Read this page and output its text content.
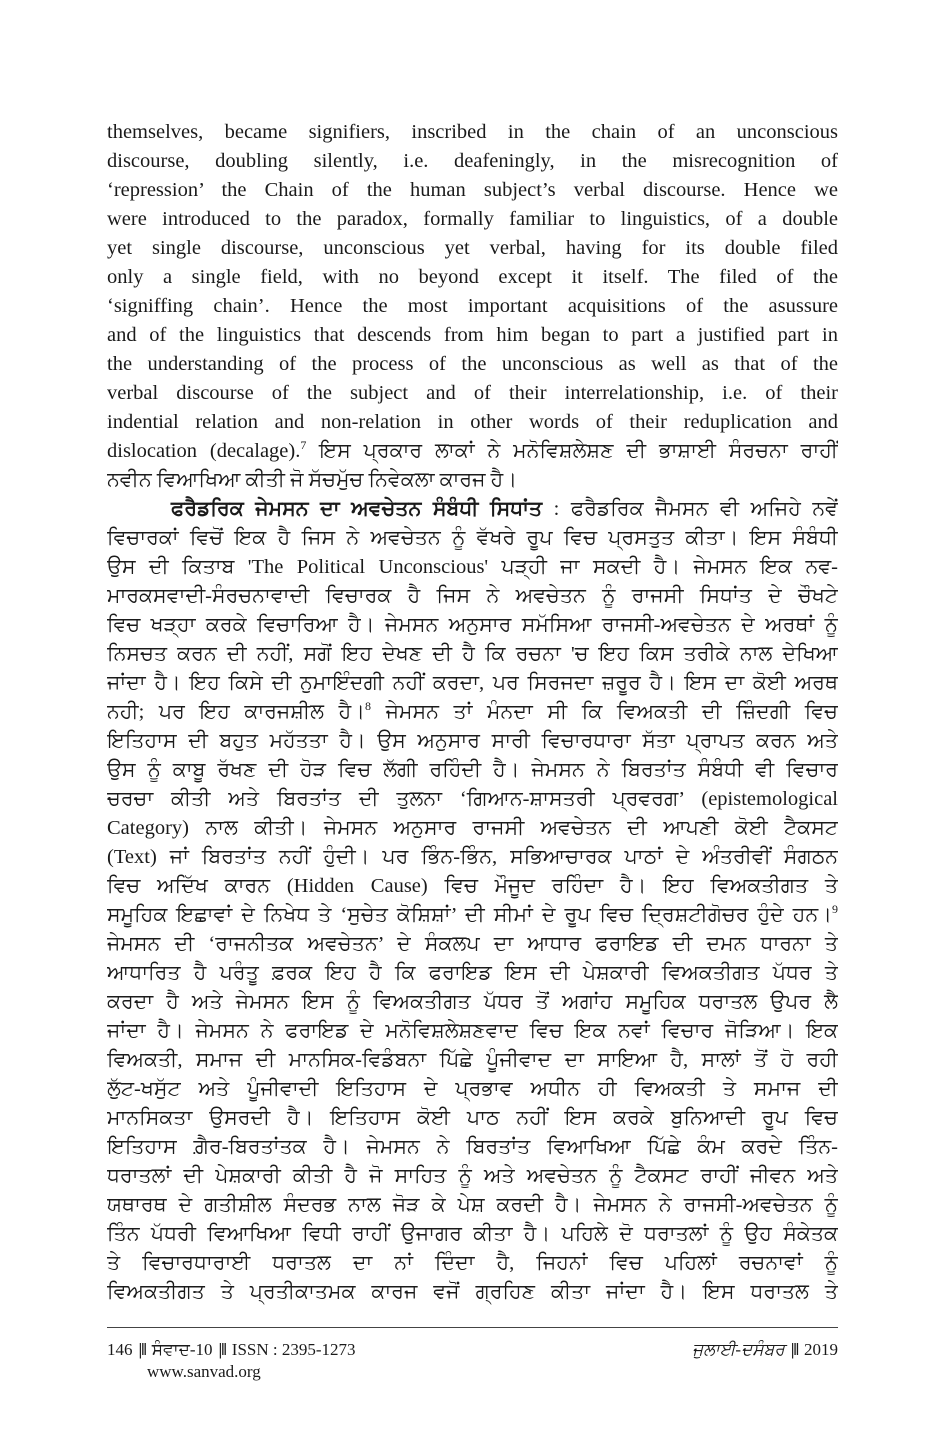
themselves, became signifiers, inscribed in the chain of an unconscious
discourse, doubling silently, i.e. deafeningly, in the misrecognition of
‘repression’ the Chain of the human subject’s verbal discourse. Hence we
were introduced to the paradox, formally familiar to linguistics, of a double
yet single discourse, unconscious yet verbal, having for its double filed
only a single field, with no beyond except it itself. The filed of the
‘signiffing chain’. Hence the most important acquisitions of the asussure
and of the linguistics that descends from him began to part a justified part in
the understanding of the process of the unconscious as well as that of the
verbal discourse of the subject and of their interrelationship, i.e. of their
indential relation and non-relation in other words of their reduplication and
dislocation (decalage).$^7$ ਇਸ ਪ੍ਰਕਾਰ ਲਾਕਾਂ ਨੇ ਮਨੋਵਿਸ਼ਲੇਸ਼ਣ ਦੀ ਭਾਸ਼ਾਈ ਸੰਰਚਨਾ ਰਾਹੀਂ
ਨਵੀਨ ਵਿਆਖਿਆ ਕੀਤੀ ਜੋ ਸੱਚਮੁੱਚ ਨਿਵੇਕਲਾ ਕਾਰਜ ਹੈ।
ਫਰੈਡਰਿਕ ਜੇਮਸਨ ਦਾ ਅਵਚੇਤਨ ਸੰਬੰਧੀ ਸਿਧਾਂਤ : ਫਰੈਡਰਿਕ ਜੈਮਸਨ ਵੀ ਅਜਿਹੇ ਨਵੇਂ
ਵਿਚਾਰਕਾਂ ਵਿਚੋਂ ਇਕ ਹੈ ਜਿਸ ਨੇ ਅਵਚੇਤਨ ਨੂੰ ਵੱਖਰੇ ਰੂਪ ਵਿਚ ਪ੍ਰਸਤੁਤ ਕੀਤਾ। ਇਸ ਸੰਬੰਧੀ
ਉਸ ਦੀ ਕਿਤਾਬ 'The Political Unconscious' ਪੜ੍ਹੀ ਜਾ ਸਕਦੀ ਹੈ। ਜੇਮਸਨ ਇਕ ਨਵ-
ਮਾਰਕਸਵਾਦੀ-ਸੰਰਚਨਾਵਾਦੀ ਵਿਚਾਰਕ ਹੈ ਜਿਸ ਨੇ ਅਵਚੇਤਨ ਨੂੰ ਰਾਜਸੀ ਸਿਧਾਂਤ ਦੇ ਚੌਖਟੇ
ਵਿਚ ਖੜ੍ਹਾ ਕਰਕੇ ਵਿਚਾਰਿਆ ਹੈ। ਜੇਮਸਨ ਅਨੁਸਾਰ ਸਮੱਸਿਆ ਰਾਜਸੀ-ਅਵਚੇਤਨ ਦੇ ਅਰਥਾਂ ਨੂੰ
ਨਿਸਚਤ ਕਰਨ ਦੀ ਨਹੀਂ, ਸਗੋਂ ਇਹ ਦੇਖਣ ਦੀ ਹੈ ਕਿ ਰਚਨਾ 'ਚ ਇਹ ਕਿਸ ਤਰੀਕੇ ਨਾਲ ਦੇਖਿਆ
ਜਾਂਦਾ ਹੈ। ਇਹ ਕਿਸੇ ਦੀ ਨੁਮਾਇੰਦਗੀ ਨਹੀਂ ਕਰਦਾ, ਪਰ ਸਿਰਜਦਾ ਜ਼ਰੂਰ ਹੈ। ਇਸ ਦਾ ਕੋਈ ਅਰਥ
ਨਹੀ; ਪਰ ਇਹ ਕਾਰਜਸ਼ੀਲ ਹੈ।$^8$ ਜੇਮਸਨ ਤਾਂ ਮੰਨਦਾ ਸੀ ਕਿ ਵਿਅਕਤੀ ਦੀ ਜ਼ਿੰਦਗੀ ਵਿਚ
ਇਤਿਹਾਸ ਦੀ ਬਹੁਤ ਮਹੱਤਤਾ ਹੈ। ਉਸ ਅਨੁਸਾਰ ਸਾਰੀ ਵਿਚਾਰਧਾਰਾ ਸੱਤਾ ਪ੍ਰਾਪਤ ਕਰਨ ਅਤੇ
ਉਸ ਨੂੰ ਕਾਬੂ ਰੱਖਣ ਦੀ ਹੋੜ ਵਿਚ ਲੱਗੀ ਰਹਿੰਦੀ ਹੈ। ਜੇਮਸਨ ਨੇ ਬਿਰਤਾਂਤ ਸੰਬੰਧੀ ਵੀ ਵਿਚਾਰ
ਚਰਚਾ ਕੀਤੀ ਅਤੇ ਬਿਰਤਾਂਤ ਦੀ ਤੁਲਨਾ ‘ਗਿਆਨ-ਸ਼ਾਸਤਰੀ ਪ੍ਰਵਰਗ’ (epistemological
Category) ਨਾਲ ਕੀਤੀ। ਜੇਮਸਨ ਅਨੁਸਾਰ ਰਾਜਸੀ ਅਵਚੇਤਨ ਦੀ ਆਪਣੀ ਕੋਈ ਟੈਕਸਟ
(Text) ਜਾਂ ਬਿਰਤਾਂਤ ਨਹੀਂ ਹੁੰਦੀ। ਪਰ ਭਿੰਨ-ਭਿੰਨ, ਸਭਿਆਚਾਰਕ ਪਾਠਾਂ ਦੇ ਅੰਤਰੀਵੀਂ ਸੰਗਠਨ
ਵਿਚ ਅਦਿੱਖ ਕਾਰਨ (Hidden Cause) ਵਿਚ ਮੌਜੂਦ ਰਹਿੰਦਾ ਹੈ। ਇਹ ਵਿਅਕਤੀਗਤ ਤੇ
ਸਮੂਹਿਕ ਇਛਾਵਾਂ ਦੇ ਨਿਖੇਧ ਤੇ ‘ਸੁਚੇਤ ਕੋਸ਼ਿਸ਼ਾਂ’ ਦੀ ਸੀਮਾਂ ਦੇ ਰੂਪ ਵਿਚ ਦ੍ਰਿਸ਼ਟੀਗੋਚਰ ਹੁੰਦੇ ਹਨ।$^9$
ਜੇਮਸਨ ਦੀ ‘ਰਾਜਨੀਤਕ ਅਵਚੇਤਨ’ ਦੇ ਸੰਕਲਪ ਦਾ ਆਧਾਰ ਫਰਾਇਡ ਦੀ ਦਮਨ ਧਾਰਨਾ ਤੇ
ਆਧਾਰਿਤ ਹੈ ਪਰੰਤੂ ਫ਼ਰਕ ਇਹ ਹੈ ਕਿ ਫਰਾਇਡ ਇਸ ਦੀ ਪੇਸ਼ਕਾਰੀ ਵਿਅਕਤੀਗਤ ਪੱਧਰ ਤੇ
ਕਰਦਾ ਹੈ ਅਤੇ ਜੇਮਸਨ ਇਸ ਨੂੰ ਵਿਅਕਤੀਗਤ ਪੱਧਰ ਤੋਂ ਅਗਾਂਹ ਸਮੂਹਿਕ ਧਰਾਤਲ ਉਪਰ ਲੈ
ਜਾਂਦਾ ਹੈ। ਜੇਮਸਨ ਨੇ ਫਰਾਇਡ ਦੇ ਮਨੋਵਿਸ਼ਲੇਸ਼ਣਵਾਦ ਵਿਚ ਇਕ ਨਵਾਂ ਵਿਚਾਰ ਜੋੜਿਆ। ਇਕ
ਵਿਅਕਤੀ, ਸਮਾਜ ਦੀ ਮਾਨਸਿਕ-ਵਿਡੰਬਨਾ ਪਿੱਛੇ ਪੂੰਜੀਵਾਦ ਦਾ ਸਾਇਆ ਹੈ, ਸਾਲਾਂ ਤੋਂ ਹੋ ਰਹੀ
ਲੁੱਟ-ਖਸੁੱਟ ਅਤੇ ਪੂੰਜੀਵਾਦੀ ਇਤਿਹਾਸ ਦੇ ਪ੍ਰਭਾਵ ਅਧੀਨ ਹੀ ਵਿਅਕਤੀ ਤੇ ਸਮਾਜ ਦੀ
ਮਾਨਸਿਕਤਾ ਉਸਰਦੀ ਹੈ। ਇਤਿਹਾਸ ਕੋਈ ਪਾਠ ਨਹੀਂ ਇਸ ਕਰਕੇ ਬੁਨਿਆਦੀ ਰੂਪ ਵਿਚ
ਇਤਿਹਾਸ ਗ਼ੈਰ-ਬਿਰਤਾਂਤਕ ਹੈ। ਜੇਮਸਨ ਨੇ ਬਿਰਤਾਂਤ ਵਿਆਖਿਆ ਪਿੱਛੇ ਕੰਮ ਕਰਦੇ ਤਿੰਨ-
ਧਰਾਤਲਾਂ ਦੀ ਪੇਸ਼ਕਾਰੀ ਕੀਤੀ ਹੈ ਜੋ ਸਾਹਿਤ ਨੂੰ ਅਤੇ ਅਵਚੇਤਨ ਨੂੰ ਟੈਕਸਟ ਰਾਹੀਂ ਜੀਵਨ ਅਤੇ
ਯਥਾਰਥ ਦੇ ਗਤੀਸ਼ੀਲ ਸੰਦਰਭ ਨਾਲ ਜੋੜ ਕੇ ਪੇਸ਼ ਕਰਦੀ ਹੈ। ਜੇਮਸਨ ਨੇ ਰਾਜਸੀ-ਅਵਚੇਤਨ ਨੂੰ
ਤਿੰਨ ਪੱਧਰੀ ਵਿਆਖਿਆ ਵਿਧੀ ਰਾਹੀਂ ਉਜਾਗਰ ਕੀਤਾ ਹੈ। ਪਹਿਲੇ ਦੋ ਧਰਾਤਲਾਂ ਨੂੰ ਉਹ ਸੰਕੇਤਕ
ਤੇ ਵਿਚਾਰਧਾਰਾਈ ਧਰਾਤਲ ਦਾ ਨਾਂ ਦਿੰਦਾ ਹੈ, ਜਿਹਨਾਂ ਵਿਚ ਪਹਿਲਾਂ ਰਚਨਾਵਾਂ ਨੂੰ
ਵਿਅਕਤੀਗਤ ਤੇ ਪ੍ਰਤੀਕਾਤਮਕ ਕਾਰਜ ਵਜੋਂ ਗ੍ਰਹਿਣ ਕੀਤਾ ਜਾਂਦਾ ਹੈ। ਇਸ ਧਰਾਤਲ ਤੇ
146 |‖ ਸੰਵਾਦ-10 |‖ ISSN : 2395-1273	ਜੁਲਾਈ-ਦਸੰਬਰ |‖ 2019
www.sanvad.org
